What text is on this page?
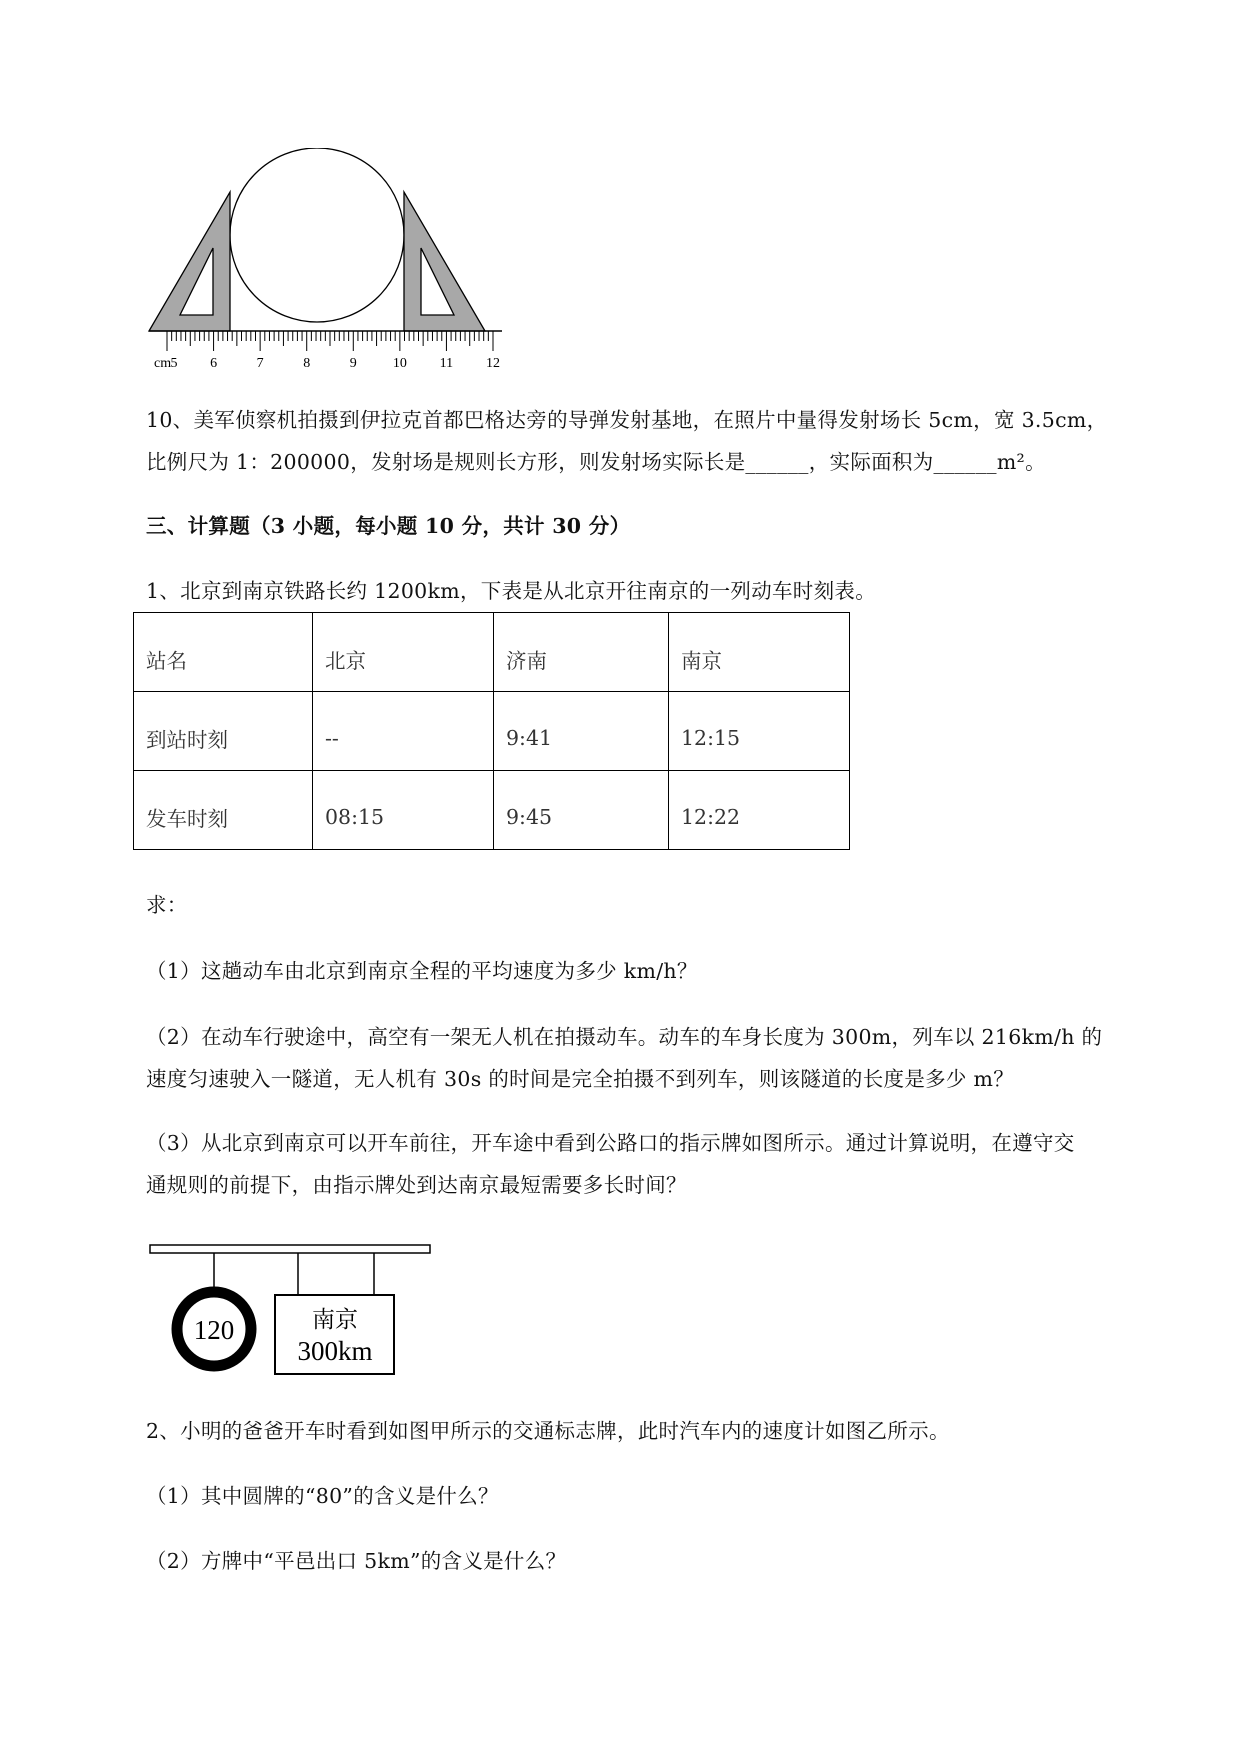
5 6	7	8	9	10 11 12
cm
10、美军侦察机拍摄到伊拉克首都巴格达旁的导弹发射基地，在照片中量得发射场长 5cm，宽 3.5cm，
比例尺为 1：200000，发射场是规则长方形，则发射场实际长是______，实际面积为______m²。
三、计算题（3 小题，每小题 10 分，共计 30 分）
1、北京到南京铁路长约 1200km，下表是从北京开往南京的一列动车时刻表。
站名	北京	济南	南京
到站时刻	--	9:41	12:15
发车时刻	08:15	9:45	12:22
求：
（1）这趟动车由北京到南京全程的平均速度为多少 km/h？
（2）在动车行驶途中，高空有一架无人机在拍摄动车。动车的车身长度为 300m，列车以 216km/h 的
速度匀速驶入一隧道，无人机有 30s 的时间是完全拍摄不到列车，则该隧道的长度是多少 m？
（3）从北京到南京可以开车前往，开车途中看到公路口的指示牌如图所示。通过计算说明，在遵守交
通规则的前提下，由指示牌处到达南京最短需要多长时间？
120	南京
300km
2、小明的爸爸开车时看到如图甲所示的交通标志牌，此时汽车内的速度计如图乙所示。
（1）其中圆牌的“80”的含义是什么？
（2）方牌中“平邑出口 5km”的含义是什么？
